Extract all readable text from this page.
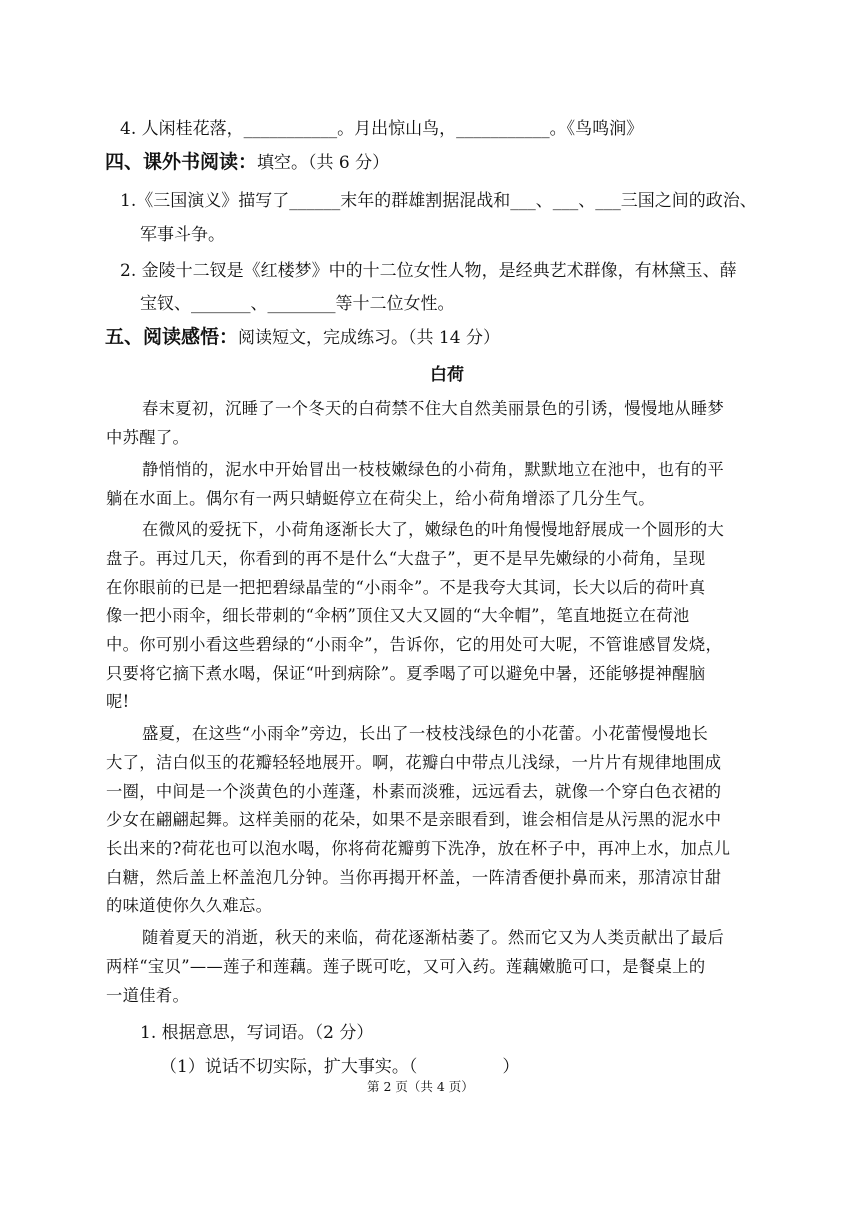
4. 人闲桂花落，___________。月出惊山鸟，___________。《鸟鸣涧》
四、课外书阅读：填空。（共 6 分）
1.《三国演义》描写了______末年的群雄割据混战和___、___、___三国之间的政治、
军事斗争。
2. 金陵十二钗是《红楼梦》中的十二位女性人物，是经典艺术群像，有林黛玉、薛
宝钗、_______、________等十二位女性。
五、阅读感悟：阅读短文，完成练习。（共 14 分）
白荷
春末夏初，沉睡了一个冬天的白荷禁不住大自然美丽景色的引诱，慢慢地从睡梦
中苏醒了。
静悄悄的，泥水中开始冒出一枝枝嫩绿色的小荷角，默默地立在池中，也有的平
躺在水面上。偶尔有一两只蜻蜓停立在荷尖上，给小荷角增添了几分生气。
在微风的爱抚下，小荷角逐渐长大了，嫩绿色的叶角慢慢地舒展成一个圆形的大
盘子。再过几天，你看到的再不是什么“大盘子”，更不是早先嫩绿的小荷角，呈现
在你眼前的已是一把把碧绿晶莹的“小雨伞”。不是我夸大其词，长大以后的荷叶真
像一把小雨伞，细长带刺的“伞柄”顶住又大又圆的“大伞帽”，笔直地挺立在荷池
中。你可别小看这些碧绿的“小雨伞”，告诉你，它的用处可大呢，不管谁感冒发烧，
只要将它摘下煮水喝，保证“叶到病除”。夏季喝了可以避免中暑，还能够提神醒脑
呢!
盛夏，在这些“小雨伞”旁边，长出了一枝枝浅绿色的小花蕾。小花蕾慢慢地长
大了，洁白似玉的花瓣轻轻地展开。啊，花瓣白中带点儿浅绿，一片片有规律地围成
一圈，中间是一个淡黄色的小莲蓬，朴素而淡雅，远远看去，就像一个穿白色衣裙的
少女在翩翩起舞。这样美丽的花朵，如果不是亲眼看到，谁会相信是从污黑的泥水中
长出来的?荷花也可以泡水喝，你将荷花瓣剪下洗净，放在杯子中，再冲上水，加点儿
白糖，然后盖上杯盖泡几分钟。当你再揭开杯盖，一阵清香便扑鼻而来，那清凉甘甜
的味道使你久久难忘。
随着夏天的消逝，秋天的来临，荷花逐渐枯萎了。然而它又为人类贡献出了最后
两样“宝贝”——莲子和莲藕。莲子既可吃，又可入药。莲藕嫩脆可口，是餐桌上的
一道佳肴。
1. 根据意思，写词语。（2 分）
（1）说话不切实际，扩大事实。（　　　　　）
第 2 页（共 4 页）
